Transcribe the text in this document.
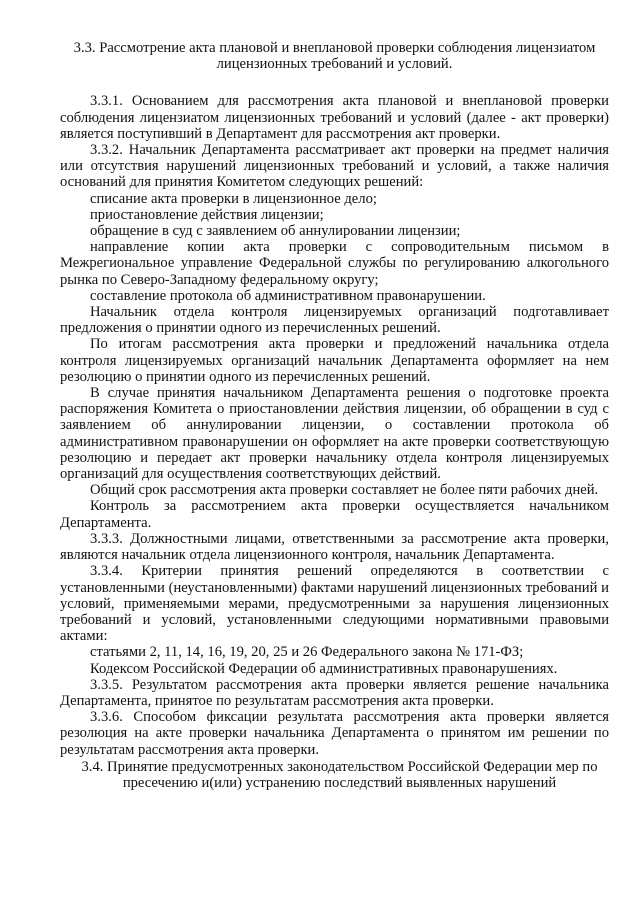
3.3. Рассмотрение акта плановой и внеплановой проверки соблюдения лицензиатом лицензионных требований и условий.

3.3.1. Основанием для рассмотрения акта плановой и внеплановой проверки соблюдения лицензиатом лицензионных требований и условий (далее - акт проверки) является поступивший в Департамент для рассмотрения акт проверки.

3.3.2. Начальник Департамента рассматривает акт проверки на предмет наличия или отсутствия нарушений лицензионных требований и условий, а также наличия оснований для принятия Комитетом следующих решений:

списание акта проверки в лицензионное дело;

приостановление действия лицензии;

обращение в суд с заявлением об аннулировании лицензии;

направление копии акта проверки с сопроводительным письмом в Межрегиональное управление Федеральной службы по регулированию алкогольного рынка по Северо-Западному федеральному округу;

составление протокола об административном правонарушении.

Начальник отдела контроля лицензируемых организаций подготавливает предложения о принятии одного из перечисленных решений.

По итогам рассмотрения акта проверки и предложений начальника отдела контроля лицензируемых организаций начальник Департамента оформляет на нем резолюцию о принятии одного из перечисленных решений.

В случае принятия начальником Департамента решения о подготовке проекта распоряжения Комитета о приостановлении действия лицензии, об обращении в суд с заявлением об аннулировании лицензии, о составлении протокола об административном правонарушении он оформляет на акте проверки соответствующую резолюцию и передает акт проверки начальнику отдела контроля лицензируемых организаций для осуществления соответствующих действий.

Общий срок рассмотрения акта проверки составляет не более пяти рабочих дней.

Контроль за рассмотрением акта проверки осуществляется начальником Департамента.

3.3.3. Должностными лицами, ответственными за рассмотрение акта проверки, являются начальник отдела лицензионного контроля, начальник Департамента.

3.3.4. Критерии принятия решений определяются в соответствии с установленными (неустановленными) фактами нарушений лицензионных требований и условий, применяемыми мерами, предусмотренными за нарушения лицензионных требований и условий, установленными следующими нормативными правовыми актами:

статьями 2, 11, 14, 16, 19, 20, 25 и 26 Федерального закона № 171-ФЗ;

Кодексом Российской Федерации об административных правонарушениях.

3.3.5. Результатом рассмотрения акта проверки является решение начальника Департамента, принятое по результатам рассмотрения акта проверки.

3.3.6. Способом фиксации результата рассмотрения акта проверки является резолюция на акте проверки начальника Департамента о принятом им решении по результатам рассмотрения акта проверки.

3.4. Принятие предусмотренных законодательством Российской Федерации мер по пресечению и(или) устранению последствий выявленных нарушений
